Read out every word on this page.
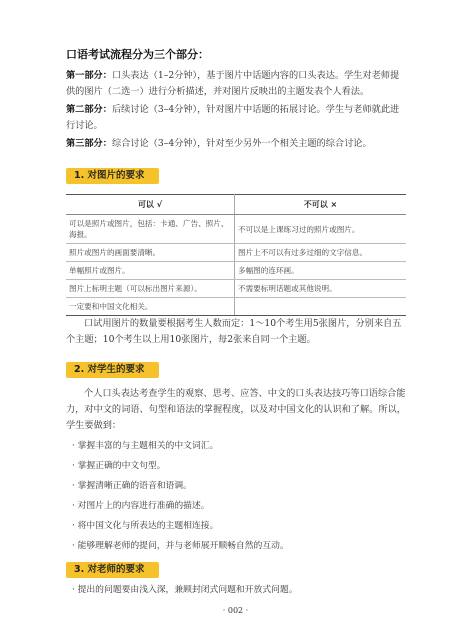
口语考试流程分为三个部分：
第一部分：口头表达（1–2分钟），基于图片中话题内容的口头表达。学生对老师提供的图片（二选一）进行分析描述，并对图片反映出的主题发表个人看法。
第二部分：后续讨论（3–4分钟），针对图片中话题的拓展讨论。学生与老师就此进行讨论。
第三部分：综合讨论（3–4分钟），针对至少另外一个相关主题的综合讨论。
1. 对图片的要求
可以 √	不可以 ×
可以是照片或图片，包括：卡通、广告、照片、海报。	不可以是上课练习过的照片或图片。
照片或图片的画面要清晰。	图片上不可以有过多过细的文字信息。
单幅照片或图片。	多幅图的连环画。
图片上标明主题（可以标出图片来源）。	不需要标明话题或其他说明。
一定要和中国文化相关。	
口试用图片的数量要根据考生人数而定：1～10个考生用5张图片，分别来自五个主题；10个考生以上用10张图片，每2张来自同一个主题。
2. 对学生的要求
个人口头表达考查学生的观察、思考、应答、中文的口头表达技巧等口语综合能力，对中文的词语、句型和语法的掌握程度，以及对中国文化的认识和了解。所以，学生要做到：
· 掌握丰富的与主题相关的中文词汇。
· 掌握正确的中文句型。
· 掌握清晰正确的语音和语调。
· 对图片上的内容进行准确的描述。
· 将中国文化与所表达的主题相连接。
· 能够理解老师的提问，并与老师展开顺畅自然的互动。
3. 对老师的要求
· 提出的问题要由浅入深，兼顾封闭式问题和开放式问题。
· 002 ·
